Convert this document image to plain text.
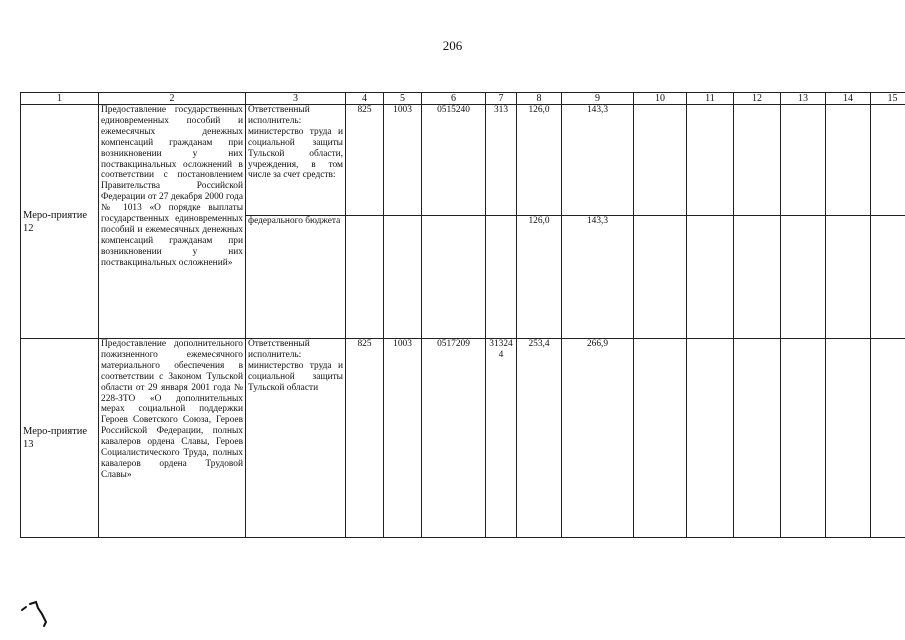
206
1	2	3	4	5	6	7	8	9	10	11	12	13	14	15
Меро-приятие 12	Предоставление государственных единовременных пособий и ежемесячных денежных компенсаций гражданам при возникновении у них поствакцинальных осложнений в соответствии с постановлением Правительства Российской Федерации от 27 декабря 2000 года № 1013 «О порядке выплаты государственных единовременных пособий и ежемесячных денежных компенсаций гражданам при возникновении у них поствакцинальных осложнений»	Ответственный исполнитель: министерство труда и социальной защиты Тульской области, учреждения, в том числе за счет средств:	825	1003	0515240	313	126,0	143,3						
		федерального бюджета					126,0	143,3						
Меро-приятие 13	Предоставление дополнительного пожизненного ежемесячного материального обеспечения в соответствии с Законом Тульской области от 29 января 2001 года № 228-ЗТО «О дополнительных мерах социальной поддержки Героев Советского Союза, Героев Российской Федерации, полных кавалеров ордена Славы, Героев Социалистического Труда, полных кавалеров ордена Трудовой Славы»	Ответственный исполнитель: министерство труда и социальной защиты Тульской области	825	1003	0517209	313244	253,4	266,9						
